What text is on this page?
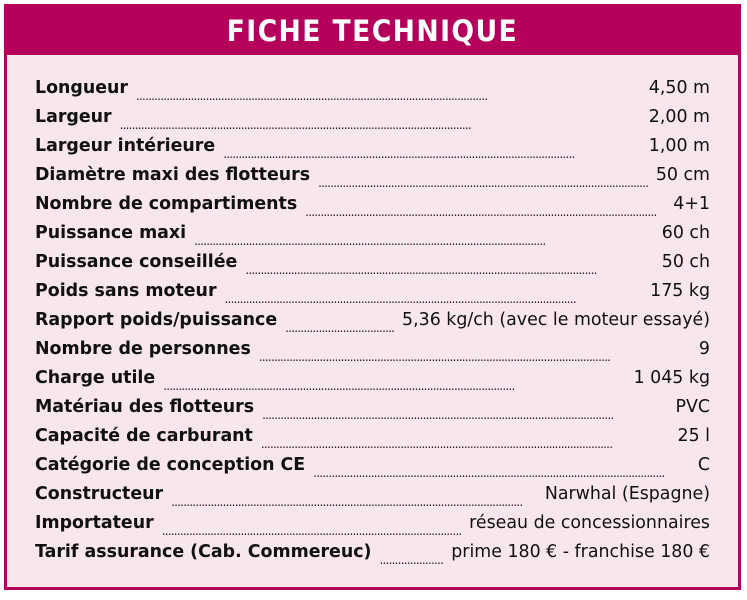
FICHE TECHNIQUE
Longueur . . .	4,50 m
Largeur . . .	2,00 m
Largeur intérieure . . .	1,00 m
Diamètre maxi des flotteurs . . .	50 cm
Nombre de compartiments . . .	4+1
Puissance maxi . . .	60 ch
Puissance conseillée . . .	50 ch
Poids sans moteur . . .	175 kg
Rapport poids/puissance . . .	5,36 kg/ch (avec le moteur essayé)
Nombre de personnes . . .	9
Charge utile . . .	1 045 kg
Matériau des flotteurs . . .	PVC
Capacité de carburant . . .	25 l
Catégorie de conception CE . . .	C
Constructeur . . .	Narwhal (Espagne)
Importateur . . .	réseau de concessionnaires
Tarif assurance (Cab. Commereuc) . . .	prime 180 € - franchise 180 €
